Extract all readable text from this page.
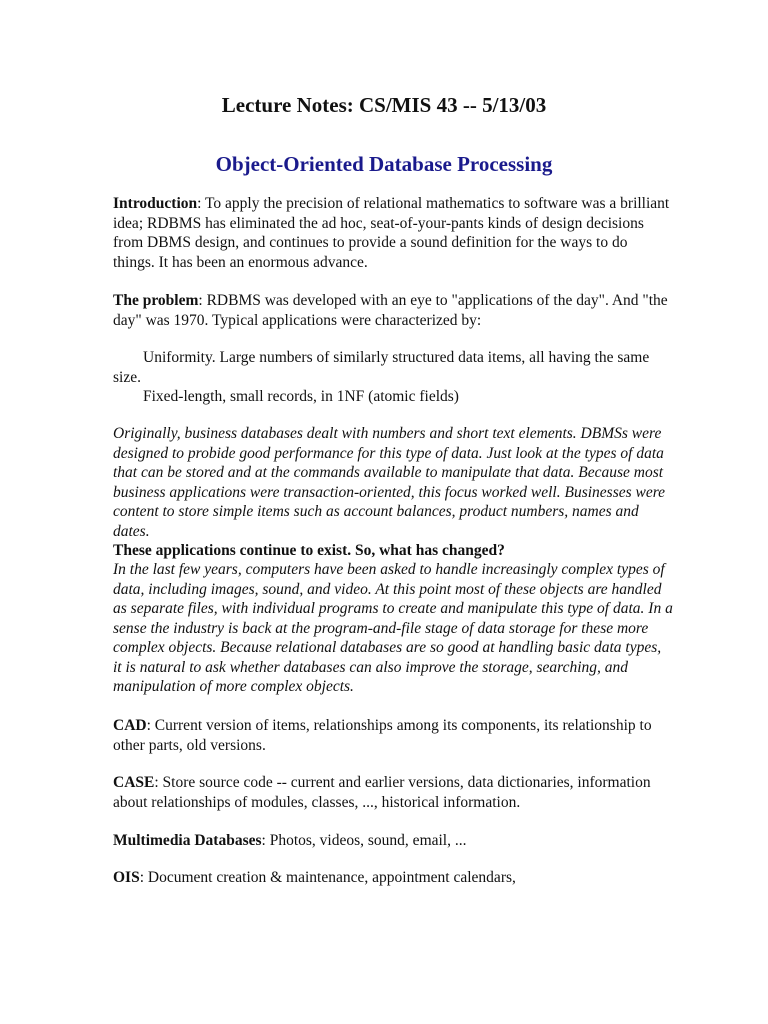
Lecture Notes: CS/MIS 43 -- 5/13/03
Object-Oriented Database Processing

Introduction: To apply the precision of relational mathematics to software was a brilliant idea; RDBMS has eliminated the ad hoc, seat-of-your-pants kinds of design decisions from DBMS design, and continues to provide a sound definition for the ways to do things. It has been an enormous advance.

The problem: RDBMS was developed with an eye to "applications of the day". And "the day" was 1970. Typical applications were characterized by:

Uniformity. Large numbers of similarly structured data items, all having the same size.

Fixed-length, small records, in 1NF (atomic fields)

Originally, business databases dealt with numbers and short text elements. DBMSs were designed to probide good performance for this type of data. Just look at the types of data that can be stored and at the commands available to manipulate that data. Because most business applications were transaction-oriented, this focus worked well. Businesses were content to store simple items such as account balances, product numbers, names and dates.

These applications continue to exist. So, what has changed?

In the last few years, computers have been asked to handle increasingly complex types of data, including images, sound, and video. At this point most of these objects are handled as separate files, with individual programs to create and manipulate this type of data. In a sense the industry is back at the program-and-file stage of data storage for these more complex objects. Because relational databases are so good at handling basic data types, it is natural to ask whether databases can also improve the storage, searching, and manipulation of more complex objects.

CAD: Current version of items, relationships among its components, its relationship to other parts, old versions.

CASE: Store source code -- current and earlier versions, data dictionaries, information about relationships of modules, classes, ..., historical information.

Multimedia Databases: Photos, videos, sound, email, ...

OIS: Document creation & maintenance, appointment calendars,
